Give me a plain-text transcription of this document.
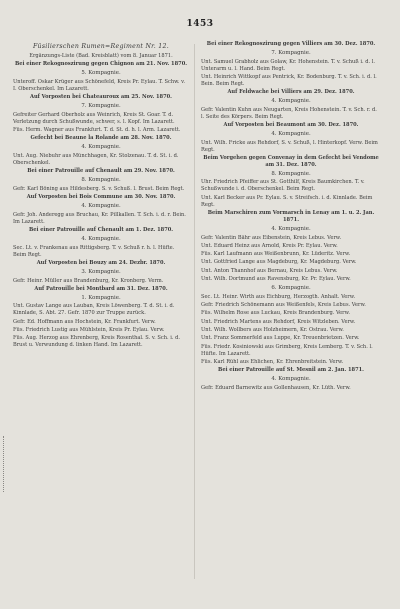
1453
Füsilierschen Rumen=Regiment Nr. 12.
Ergänzungs-Liste (Bad. Kreisblatt) vom 8. Januar 1871.
Bei einer Rekognoszirung gegen Chignon am 21. Nov. 1870.
5. Kompagnie.
Unteroff. Oskar Krüger aus Schönefeld, Kreis Pr. Eylau. T. Schw. v. I. Oberschenkel. Im Lazarett.
Auf Vorposten bei Chateauroux am 25. Nov. 1870.
7. Kompagnie.
Gefreiter Gerhard Oberholz aus Weinrich, Kreis St. Goar. T. d. Verletzung durch Schußwunde, schwer, s. l. Kopf. Im Lazarett.
Füs. Herm. Wagner aus Frankfurt. T. d. St. d. h. l. Arm. Lazarett.
Gefecht bei Beaune la Rolande am 28. Nov. 1870.
4. Kompagnie.
Unt. Aug. Niebuhr aus Münchhagen, Kr. Stolzenau. T. d. St. i. d. Oberschenkel.
Bei einer Patrouille auf Chenault am 29. Nov. 1870.
8. Kompagnie.
Gefr. Karl Böning aus Hildesberg. S. v. Schuß. l. Brust. Beim Regt.
Auf Vorposten bei Bois Commune am 30. Nov. 1870.
4. Kompagnie.
Gefr. Joh. Anderegg aus Bruchau, Kr. Pillkallen. T. Sch. i. d. r. Bein. Im Lazarett.
Bei einer Patrouille auf Chenault am 1. Dez. 1870.
4. Kompagnie.
Sec. Lt. v. Frankenau aus Rittigsberg. T. v. Schuß r. h. l. Hüfte. Beim Regt.
Auf Vorposten bei Bouzy am 24. Dezbr. 1870.
3. Kompagnie.
Gefr. Heinr. Müller aus Brandenburg, Kr. Kronberg. Verm.
Auf Patrouille bei Montbard am 31. Dez. 1870.
1. Kompagnie.
Unt. Gustav Lange aus Lauban, Kreis Löwenberg. T. d. St. i. d. Kinnlade, S. Abt. 27. Gefr. 1870 zur Truppe zurück.
Gefr. Ed. Hoffmann aus Hochstein, Kr. Frankfurt. Verw.
Füs. Friedrich Lustig aus Mühlstein, Kreis Pr. Eylau. Verw.
Füs. Aug. Herzog aus Ehrenberg, Kreis Rosenthal. S. v. Sch. i. d. Brust u. Verwundung d. linken Hand. Im Lazarett.
Bei einer Rekognoszirung gegen Villiers am 30. Dez. 1870.
7. Kompagnie.
Unt. Samuel Grabholz aus Golaw, Kr. Hohenstein. T. v. Schuß i. d. l. Unterarm u. l. Hand. Beim Regt.
Unt. Heinrich Wittkopf aus Pentrick, Kr. Bodenburg. T. v. Sch. i. d. l. Bein. Beim Regt.
Auf Feldwache bei Villiers am 29. Dez. 1870.
4. Kompagnie.
Gefr. Valentin Kuhn aus Neugarten, Kreis Hohenstein. T. v. Sch. r. d. l. Seite des Körpers. Beim Regt.
Auf Vorposten bei Beaumont am 30. Dez. 1870.
4. Kompagnie.
Unt. Wilh. Fricke aus Rehdorf, S. v. Schuß, l. Hinterkopf. Verw. Beim Regt.
Beim Vorgehen gegen Convenay in dem Gefecht bei Vendome am 31. Dez. 1870.
8. Kompagnie.
Uhr. Friedrich Pfeiffer aus St. Gotthilf, Kreis Baumkirchen. T. v. Schußwunde i. d. Oberschenkel. Beim Regt.
Unt. Karl Becker aus Pr. Eylau. S. v. Streifsch. i. d. Kinnlade. Beim Regt.
Beim Marschiren zum Vormarsch in Lenay am 1. u. 2. Jan. 1871.
4. Kompagnie.
Gefr. Valentin Bähr aus Eibenstein, Kreis Lebus. Verw.
Unt. Eduard Heinz aus Arnold, Kreis Pr. Eylau. Verw.
Füs. Karl Laufmann aus Weißenbrunn, Kr. Lüderitz. Verw.
Unt. Gottfried Lange aus Magdeburg, Kr. Magdeburg. Verw.
Unt. Anton Thannhof aus Bernau, Kreis Lebus. Verw.
Unt. Wilh. Dortmund aus Ravensburg, Kr. Pr. Eylau. Verw.
6. Kompagnie.
Sec. Lt. Heinr. Wirth aus Eichburg, Herzogth. Anhalt. Verw.
Gefr. Friedrich Schönemann aus Weißenfels, Kreis Lebus. Verw.
Füs. Wilhelm Rose aus Luckau, Kreis Brandenburg. Verw.
Unt. Friedrich Martens aus Rehdorf, Kreis Witzleben. Verw.
Unt. Wilh. Wollbers aus Holzheimern, Kr. Ostrau. Verw.
Unt. Franz Sommerfeld aus Luppe, Kr. Treuenbrietzen. Verw.
Füs. Friedr. Kosiniowski aus Grimberg, Kreis Lemberg. T. v. Sch. l. Hüfte. Im Lazarett.
Füs. Karl Rühl aus Ehlichen, Kr. Ehrenbreitstein. Verw.
Bei einer Patrouille auf St. Mesnil am 2. Jan. 1871.
4. Kompagnie.
Gefr. Eduard Barnewitz aus Gollenhausen, Kr. Lüth. Verw.
